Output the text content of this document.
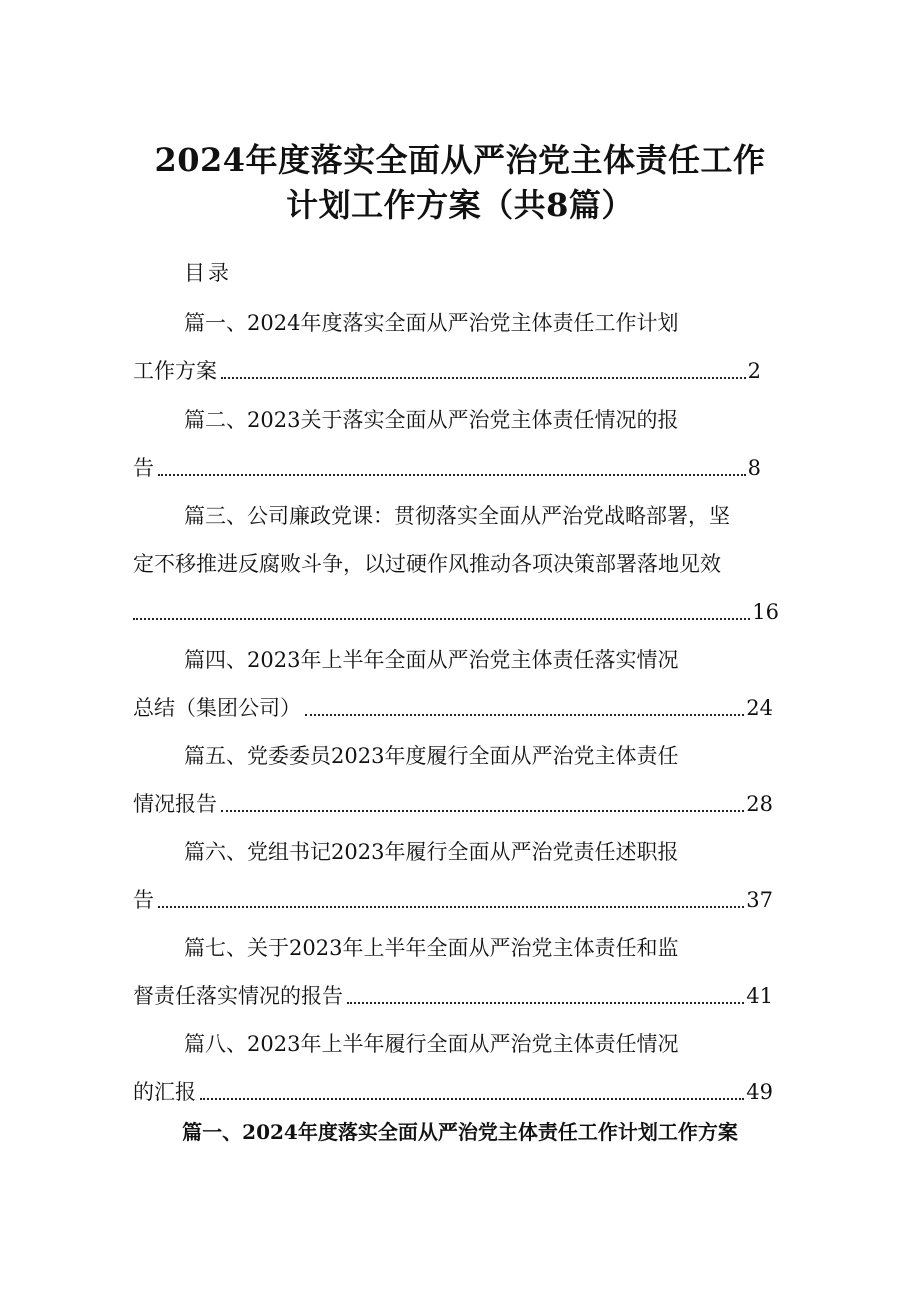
2024年度落实全面从严治党主体责任工作
计划工作方案（共8篇）
目录
篇一、2024年度落实全面从严治党主体责任工作计划
工作方案	2
篇二、2023关于落实全面从严治党主体责任情况的报
告	8
篇三、公司廉政党课：贯彻落实全面从严治党战略部署，坚
定不移推进反腐败斗争，以过硬作风推动各项决策部署落地见效
16
篇四、2023年上半年全面从严治党主体责任落实情况
总结（集团公司）	24
篇五、党委委员2023年度履行全面从严治党主体责任
情况报告	28
篇六、党组书记2023年履行全面从严治党责任述职报
告	37
篇七、关于2023年上半年全面从严治党主体责任和监
督责任落实情况的报告	41
篇八、2023年上半年履行全面从严治党主体责任情况
的汇报	49
篇一、2024年度落实全面从严治党主体责任工作计划工作方案
